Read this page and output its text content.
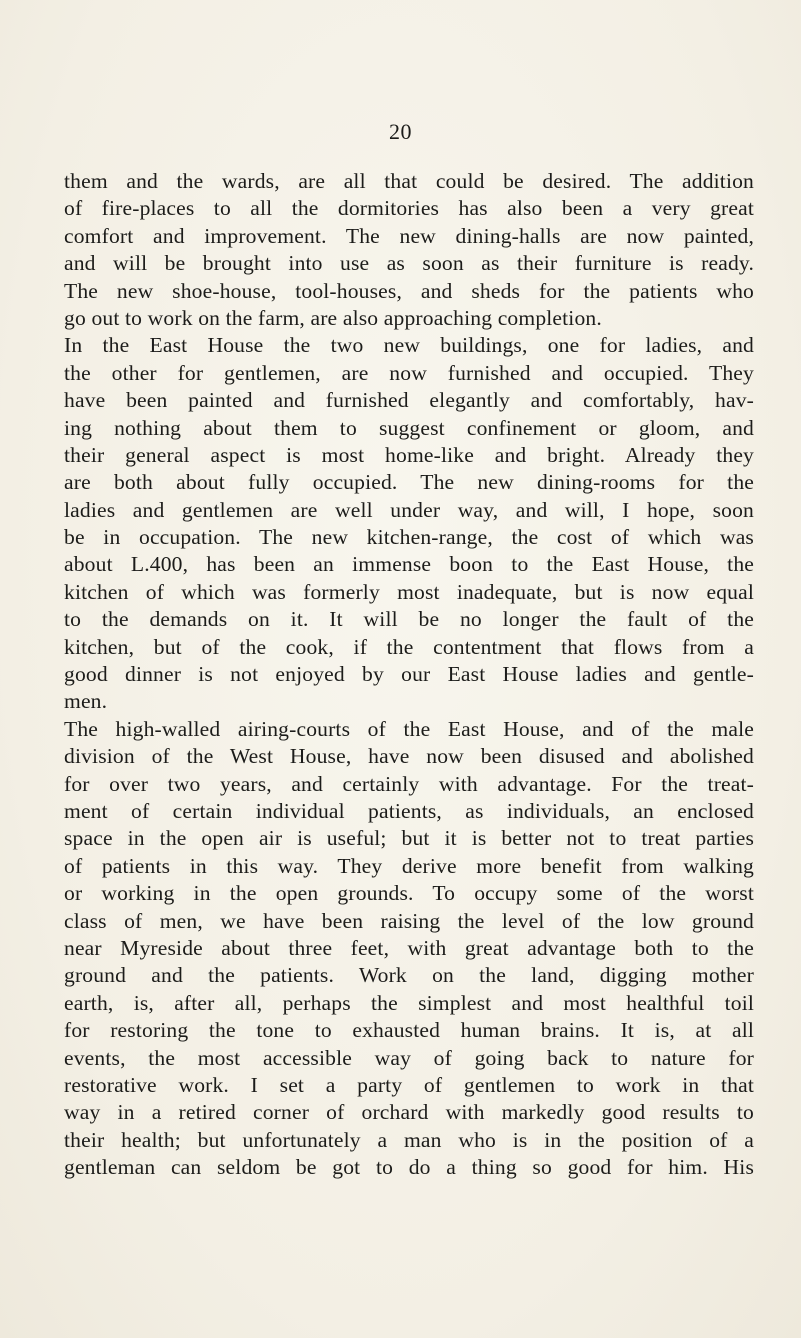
20
them and the wards, are all that could be desired. The addition
of fire-places to all the dormitories has also been a very great
comfort and improvement. The new dining-halls are now painted,
and will be brought into use as soon as their furniture is ready.
The new shoe-house, tool-houses, and sheds for the patients who
go out to work on the farm, are also approaching completion.
In the East House the two new buildings, one for ladies, and
the other for gentlemen, are now furnished and occupied. They
have been painted and furnished elegantly and comfortably, hav-
ing nothing about them to suggest confinement or gloom, and
their general aspect is most home-like and bright. Already they
are both about fully occupied. The new dining-rooms for the
ladies and gentlemen are well under way, and will, I hope, soon
be in occupation. The new kitchen-range, the cost of which was
about L.400, has been an immense boon to the East House, the
kitchen of which was formerly most inadequate, but is now equal
to the demands on it. It will be no longer the fault of the
kitchen, but of the cook, if the contentment that flows from a
good dinner is not enjoyed by our East House ladies and gentle-
men.
The high-walled airing-courts of the East House, and of the male
division of the West House, have now been disused and abolished
for over two years, and certainly with advantage. For the treat-
ment of certain individual patients, as individuals, an enclosed
space in the open air is useful; but it is better not to treat parties
of patients in this way. They derive more benefit from walking
or working in the open grounds. To occupy some of the worst
class of men, we have been raising the level of the low ground
near Myreside about three feet, with great advantage both to the
ground and the patients. Work on the land, digging mother
earth, is, after all, perhaps the simplest and most healthful toil
for restoring the tone to exhausted human brains. It is, at all
events, the most accessible way of going back to nature for
restorative work. I set a party of gentlemen to work in that
way in a retired corner of orchard with markedly good results to
their health; but unfortunately a man who is in the position of a
gentleman can seldom be got to do a thing so good for him. His
